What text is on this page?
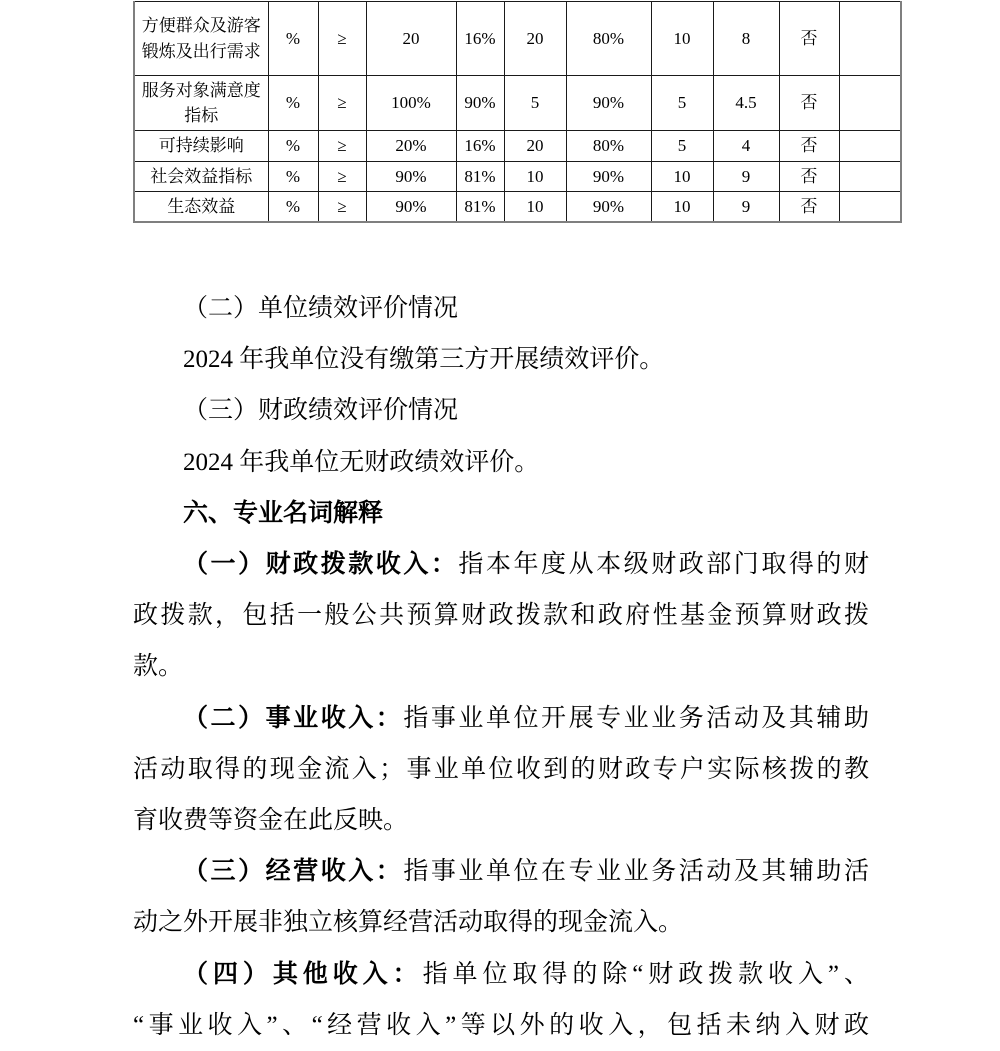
方便群众及游客锻炼及出行需求	%	≥	20	16%	20	80%	10	8	否	
服务对象满意度指标	%	≥	100%	90%	5	90%	5	4.5	否	
可持续影响	%	≥	20%	16%	20	80%	5	4	否	
社会效益指标	%	≥	90%	81%	10	90%	10	9	否	
生态效益	%	≥	90%	81%	10	90%	10	9	否	
（二）单位绩效评价情况
2024 年我单位没有缴第三方开展绩效评价。
（三）财政绩效评价情况
2024 年我单位无财政绩效评价。
六、专业名词解释
（一）财政拨款收入：指本年度从本级财政部门取得的财
政拨款，包括一般公共预算财政拨款和政府性基金预算财政拨
款。
（二）事业收入：指事业单位开展专业业务活动及其辅助
活动取得的现金流入；事业单位收到的财政专户实际核拨的教
育收费等资金在此反映。
（三）经营收入：指事业单位在专业业务活动及其辅助活
动之外开展非独立核算经营活动取得的现金流入。
（四）其他收入：指单位取得的除“财政拨款收入”、
“事业收入”、“经营收入”等以外的收入，包括未纳入财政
